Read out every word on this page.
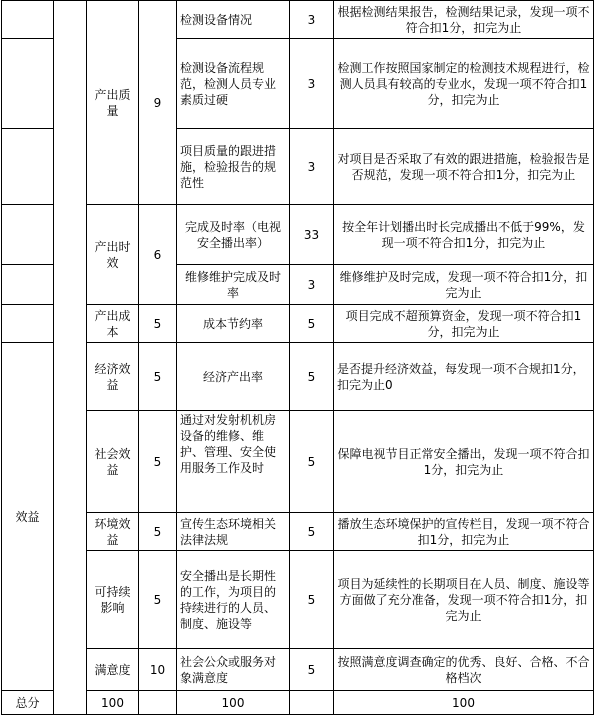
		产出质量	9	检测设备情况	3	根据检测结果报告，检测结果记录，发现一项不符合扣1分，扣完为止	
				检测设备流程规范，检测人员专业素质过硬	3	检测工作按照国家制定的检测技术规程进行，检测人员具有较高的专业水，发现一项不符合扣1分，扣完为止	
				项目质量的跟进措施，检验报告的规范性	3	对项目是否采取了有效的跟进措施，检验报告是否规范，发现一项不符合扣1分，扣完为止	
		产出时效	6	完成及时率（电视安全播出率）	33	按全年计划播出时长完成播出不低于99%，发现一项不符合扣1分，扣完为止	
				维修维护完成及时率	3	维修维护及时完成，发现一项不符合扣1分，扣完为止	
		产出成本	5	成本节约率	5	项目完成不超预算资金，发现一项不符合扣1分，扣完为止	
效益		经济效益	5	经济产出率	5	是否提升经济效益，每发现一项不合规扣1分，扣完为止0	
		社会效益	5	通过对发射机机房设备的维修、维护、管理、安全使用服务工作及时	5	保障电视节目正常安全播出，发现一项不符合扣1分，扣完为止	
		环境效益	5	宣传生态环境相关法律法规	5	播放生态环境保护的宣传栏目，发现一项不符合扣1分，扣完为止	
		可持续影响	5	安全播出是长期性的工作，为项目的持续进行的人员、制度、施设等	5	项目为延续性的长期项目在人员、制度、施设等方面做了充分准备，发现一项不符合扣1分，扣完为止	
		满意度	10	社会公众或服务对象满意度	5	按照满意度调查确定的优秀、良好、合格、不合格档次	
总分		100		100		100	
